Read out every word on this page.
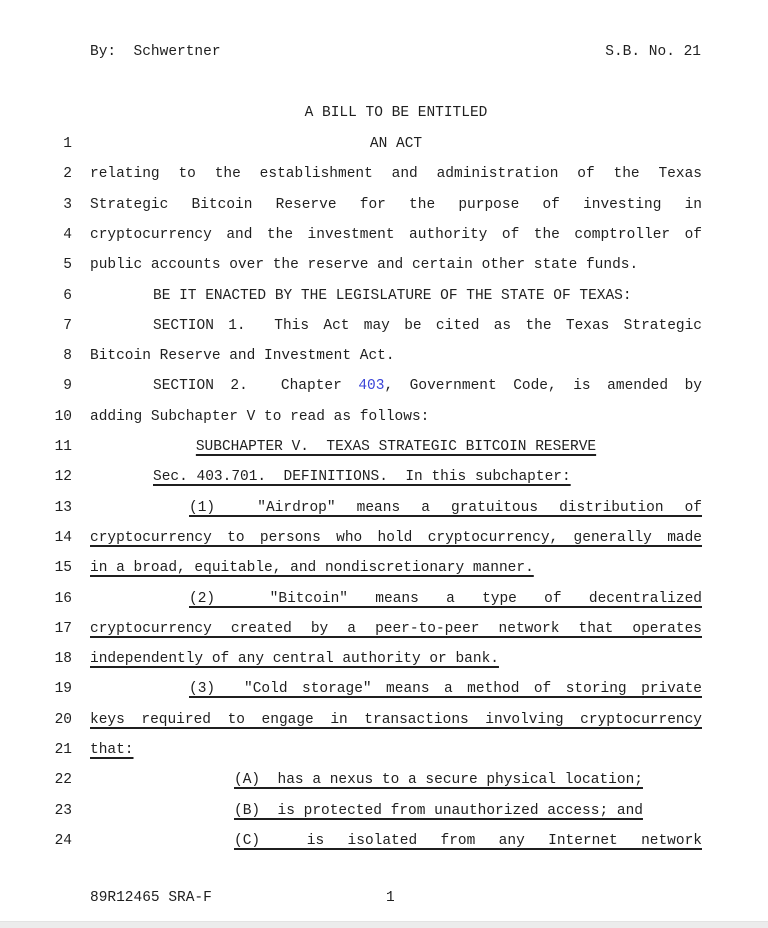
By:  Schwertner	S.B. No. 21
A BILL TO BE ENTITLED
1	AN ACT
2 relating to the establishment and administration of the Texas
3 Strategic Bitcoin Reserve for the purpose of investing in
4 cryptocurrency and the investment authority of the comptroller of
5 public accounts over the reserve and certain other state funds.
6	BE IT ENACTED BY THE LEGISLATURE OF THE STATE OF TEXAS:
7	SECTION 1.  This Act may be cited as the Texas Strategic
8 Bitcoin Reserve and Investment Act.
9	SECTION 2.  Chapter 403, Government Code, is amended by
10 adding Subchapter V to read as follows:
11	SUBCHAPTER V.  TEXAS STRATEGIC BITCOIN RESERVE
12	Sec. 403.701.  DEFINITIONS.  In this subchapter:
13	(1)  "Airdrop" means a gratuitous distribution of
14 cryptocurrency to persons who hold cryptocurrency, generally made
15 in a broad, equitable, and nondiscretionary manner.
16	(2)  "Bitcoin" means a type of decentralized
17 cryptocurrency created by a peer-to-peer network that operates
18 independently of any central authority or bank.
19	(3)  "Cold storage" means a method of storing private
20 keys required to engage in transactions involving cryptocurrency
21 that:
22	(A)  has a nexus to a secure physical location;
23	(B)  is protected from unauthorized access; and
24	(C)  is isolated from any Internet network
89R12465 SRA-F	1
